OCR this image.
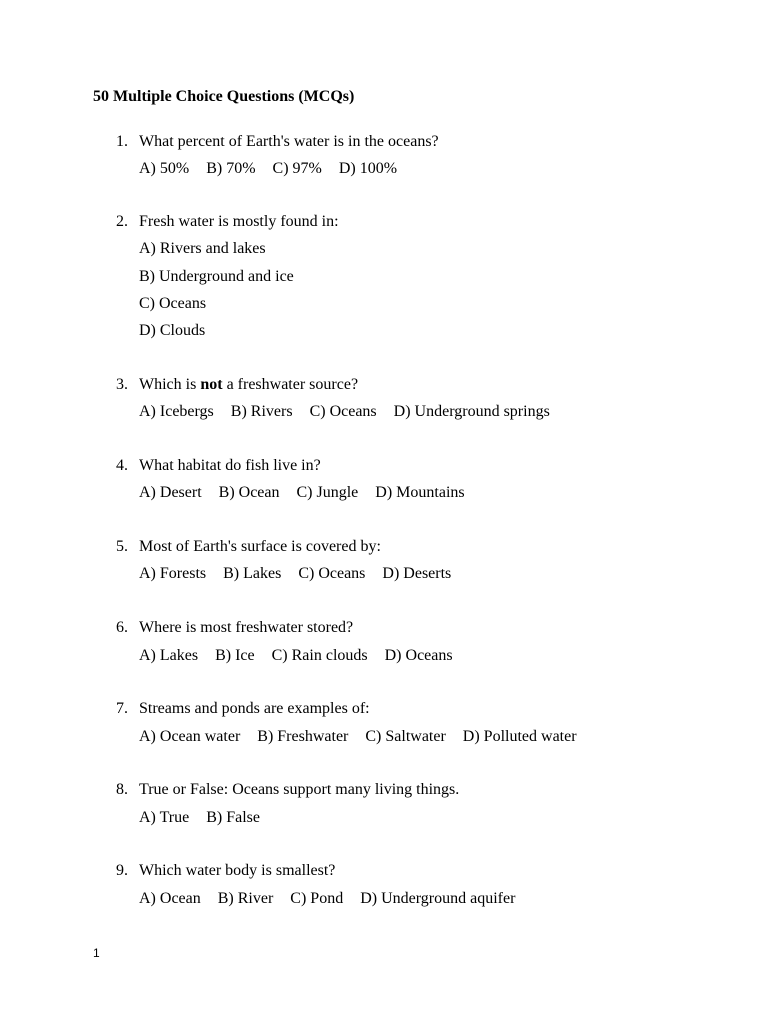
50 Multiple Choice Questions (MCQs)
1. What percent of Earth's water is in the oceans?
A) 50% B) 70% C) 97% D) 100%
2. Fresh water is mostly found in:
A) Rivers and lakes
B) Underground and ice
C) Oceans
D) Clouds
3. Which is not a freshwater source?
A) Icebergs B) Rivers C) Oceans D) Underground springs
4. What habitat do fish live in?
A) Desert B) Ocean C) Jungle D) Mountains
5. Most of Earth's surface is covered by:
A) Forests B) Lakes C) Oceans D) Deserts
6. Where is most freshwater stored?
A) Lakes B) Ice C) Rain clouds D) Oceans
7. Streams and ponds are examples of:
A) Ocean water B) Freshwater C) Saltwater D) Polluted water
8. True or False: Oceans support many living things.
A) True B) False
9. Which water body is smallest?
A) Ocean B) River C) Pond D) Underground aquifer
1
